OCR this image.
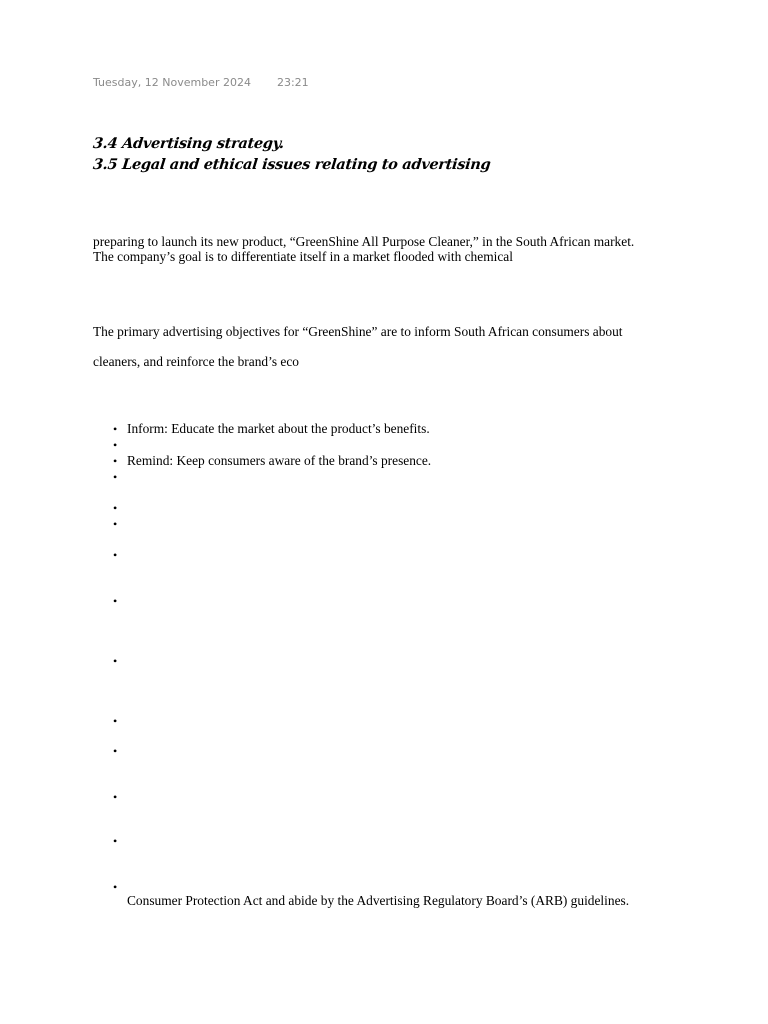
Tuesday, 12 November 2024 23:21
3.4 Advertising strategy.
3.5 Legal and ethical issues relating to advertising
preparing to launch its new product, “GreenShine All Purpose Cleaner,” in the South African market.
The company’s goal is to differentiate itself in a market flooded with chemical
The primary advertising objectives for “GreenShine” are to inform South African consumers about
cleaners, and reinforce the brand’s eco
• Inform: Educate the market about the product’s benefits.
•
• Remind: Keep consumers aware of the brand’s presence.
•
•
•
•
•
•
•
•
•
•
•
Consumer Protection Act and abide by the Advertising Regulatory Board’s (ARB) guidelines.
